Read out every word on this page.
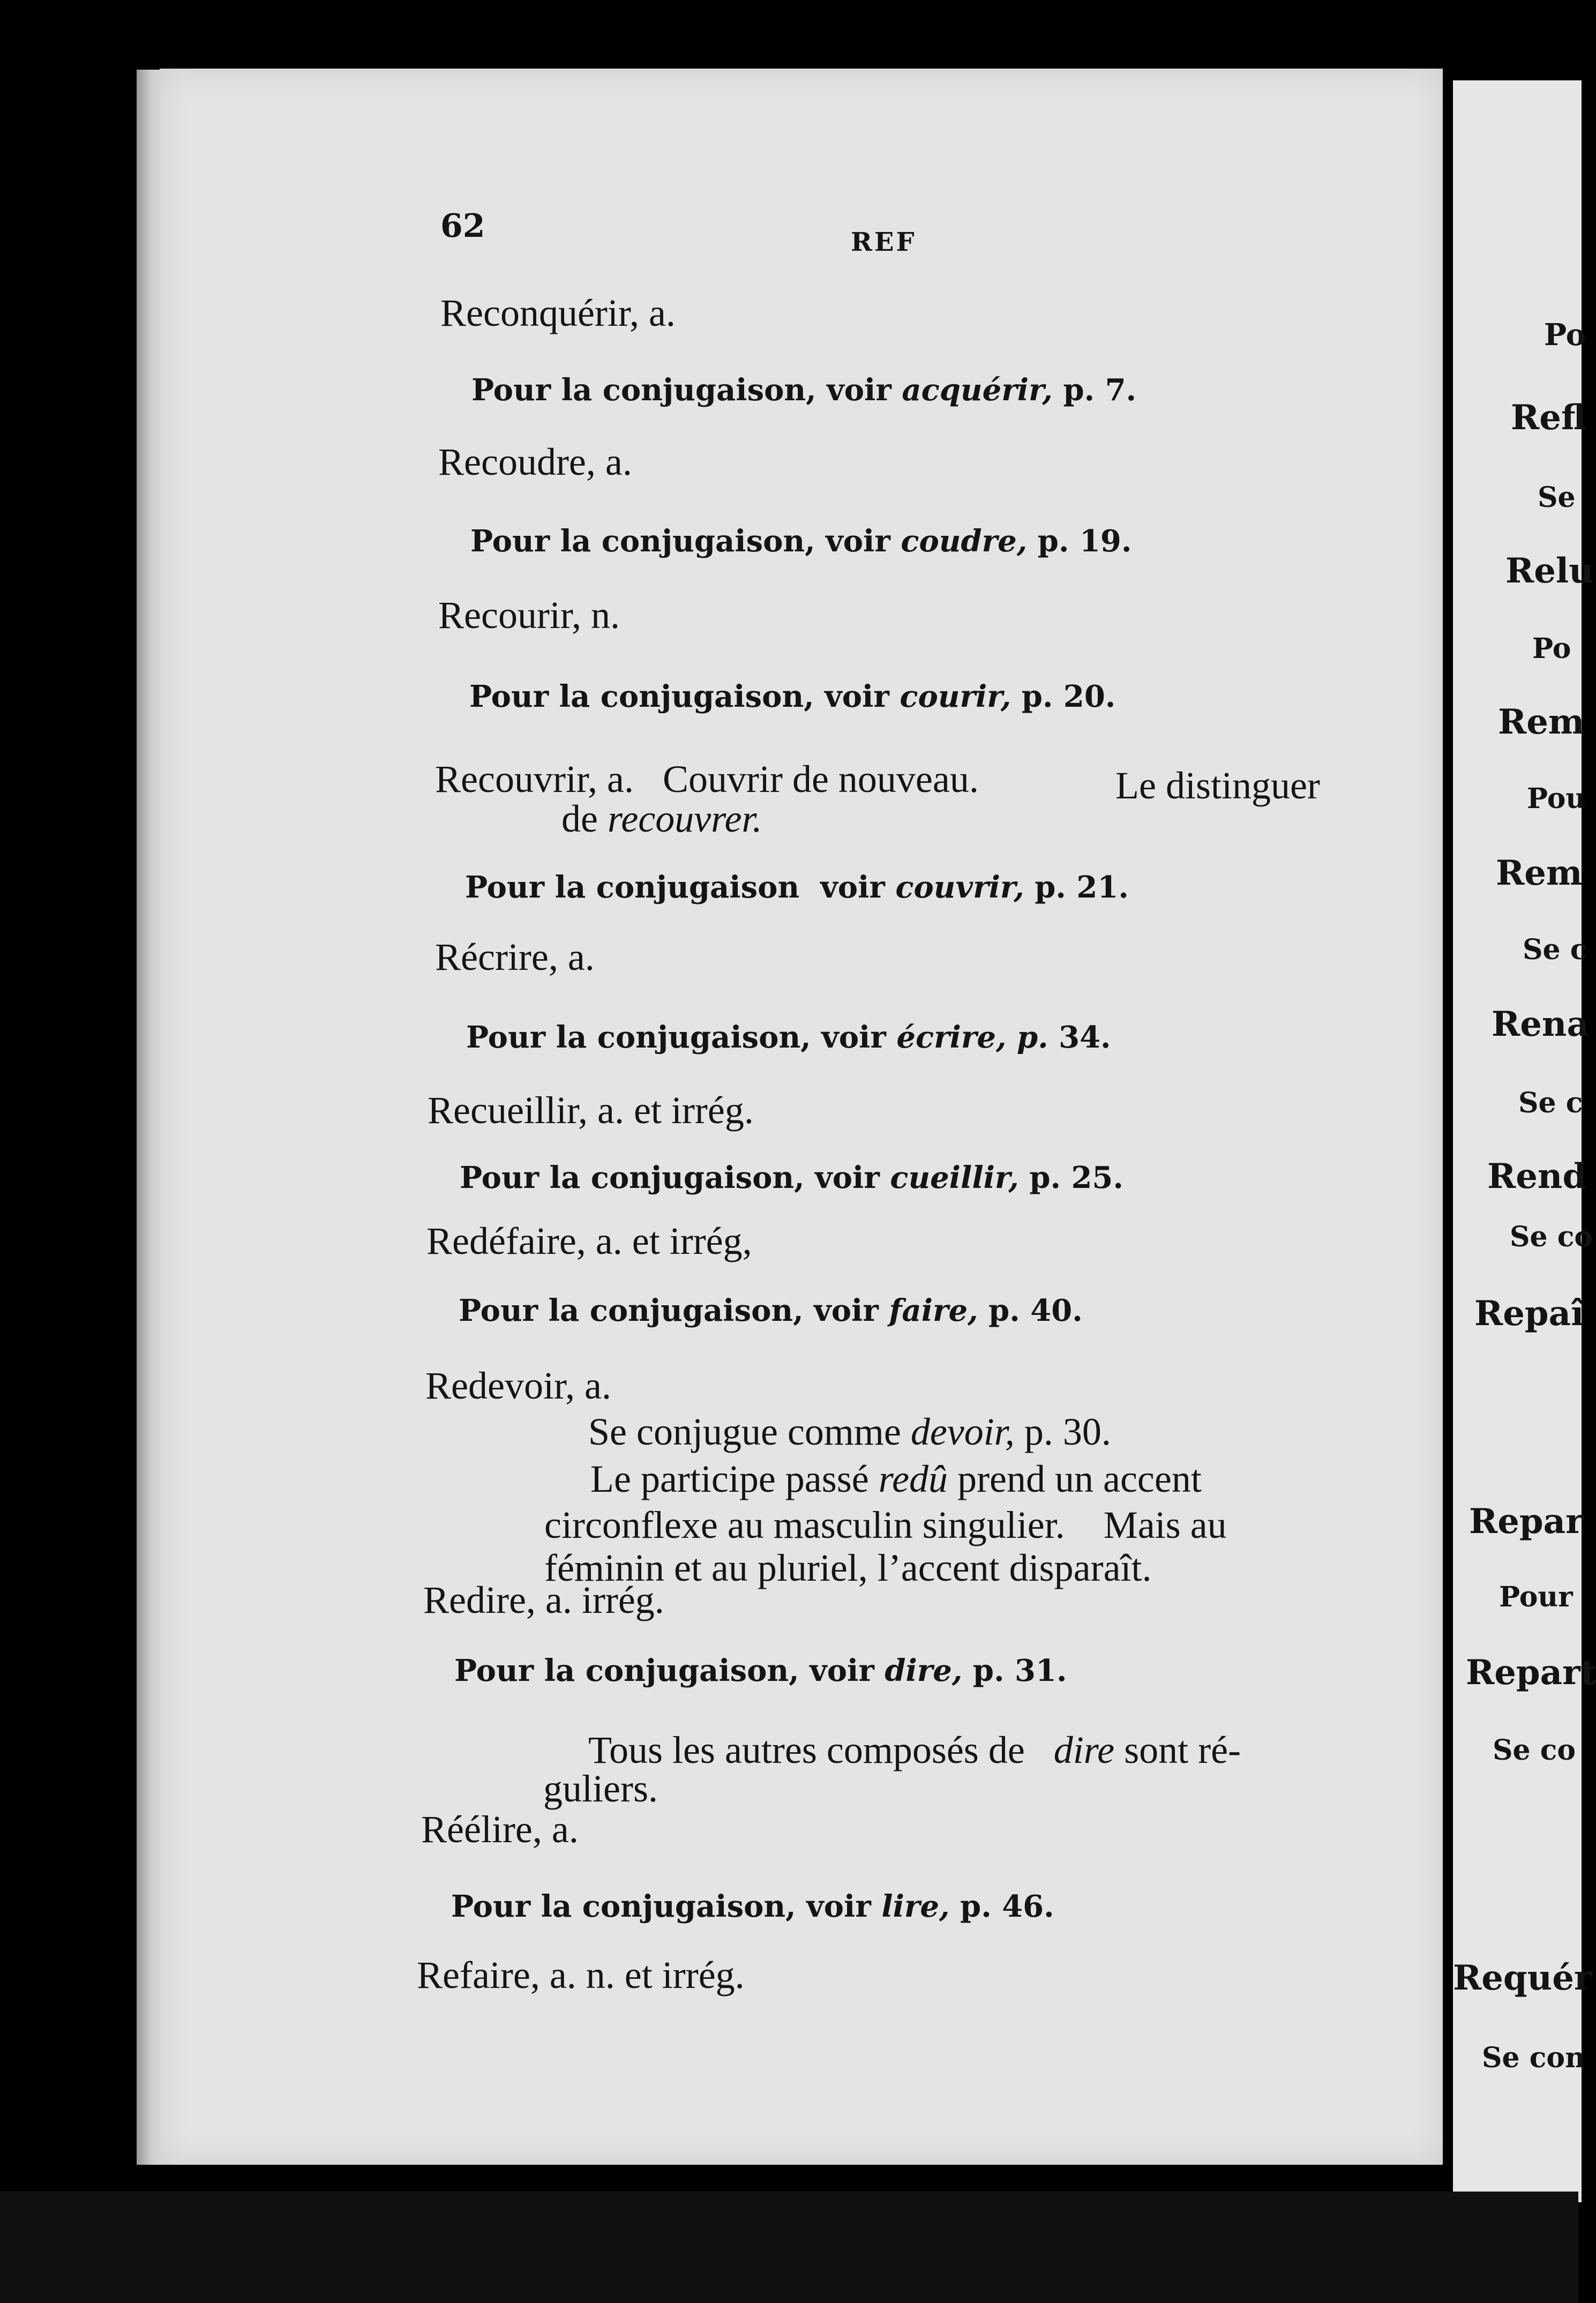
62	REF
Reconquérir, a.
Pour la conjugaison, voir acquérir, p. 7.
Recoudre, a.
Pour la conjugaison, voir coudre, p. 19.
Recourir, n.
Pour la conjugaison, voir courir, p. 20.
Recouvrir, a. Couvrir de nouveau.	Le distinguer
de recouvrer.
Pour la conjugaison voir couvrir, p. 21.
Récrire, a.
Pour la conjugaison, voir écrire, p. 34.
Recueillir, a. et irrég.
Pour la conjugaison, voir cueillir, p. 25.
Redéfaire, a. et irrég,
Pour la conjugaison, voir faire, p. 40.
Redevoir, a.
Se conjugue comme devoir, p. 30.
Le participe passé redû prend un accent
circonflexe au masculin singulier. Mais au
féminin et au pluriel, l’accent disparaît.
Redire, a. irrég.
Pour la conjugaison, voir dire, p. 31.
Tous les autres composés de dire sont ré-
guliers.
Réélire, a.
Pour la conjugaison, voir lire, p. 46.
Refaire, a. n. et irrég.
Po
Refl
Se
Relu
Po
Rem
Pou
Rem
Se c
Rena
Se c
Rend
Se co
Repaî
Repar
Pour
Repart
Se co
Requér
Se con
